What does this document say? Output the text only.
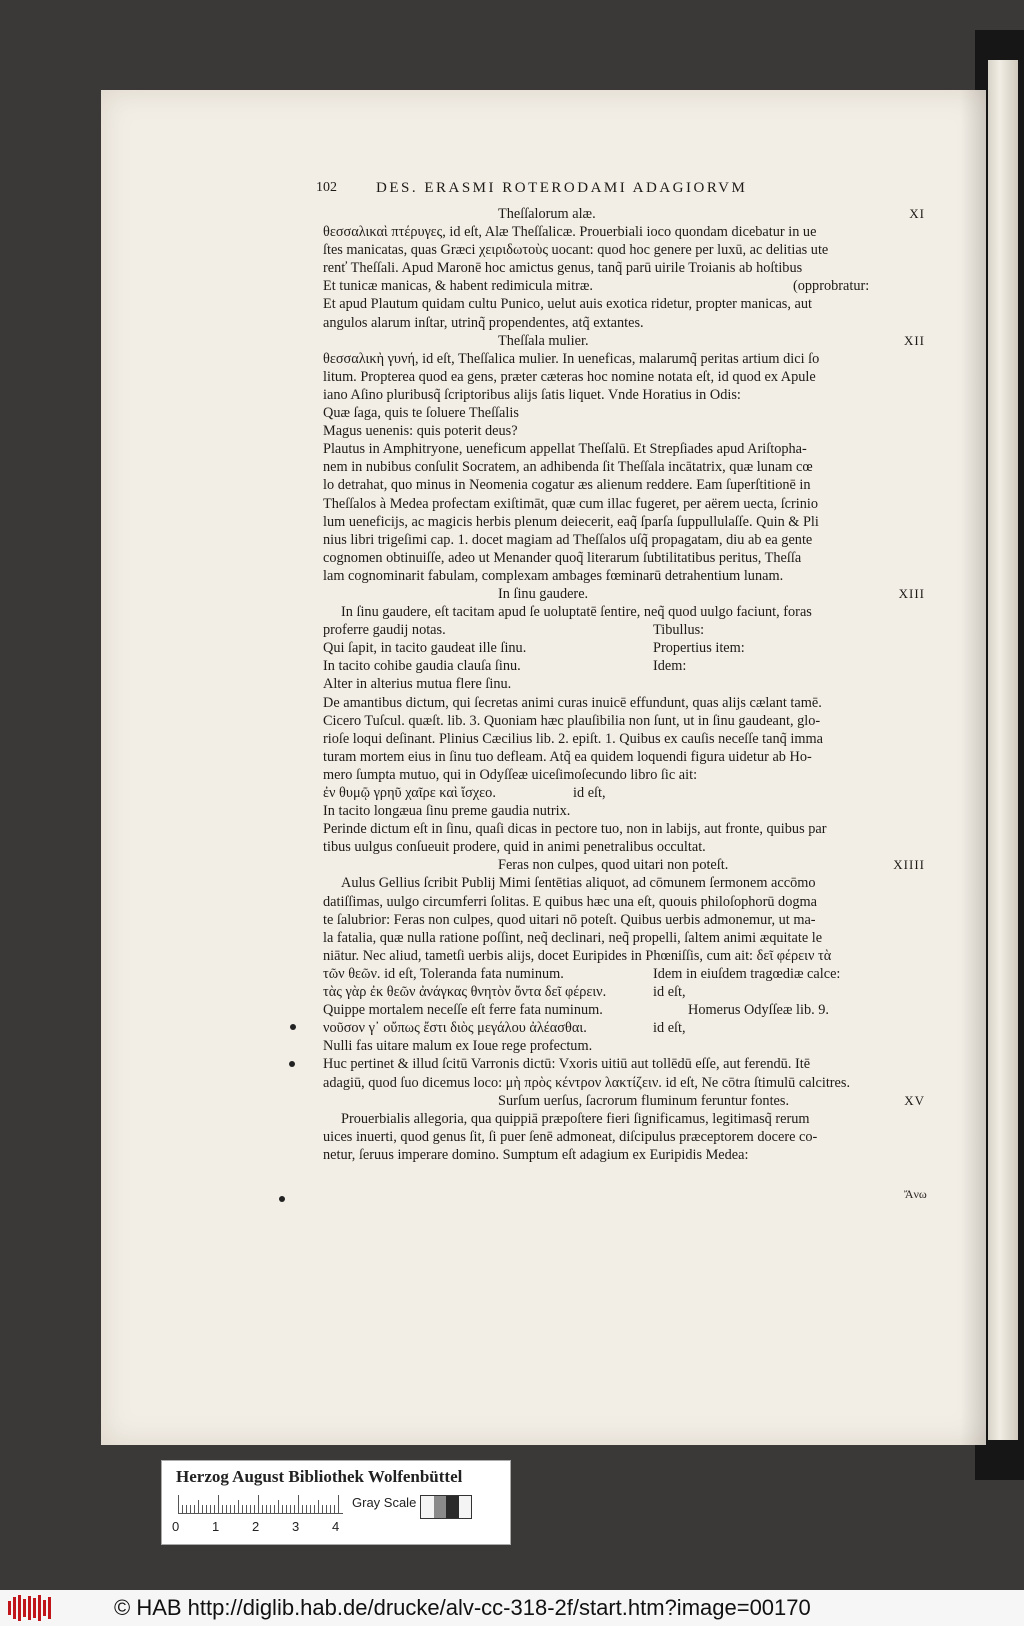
102	DES. ERASMI ROTERODAMI ADAGIORVM
Theſſalorum alæ.	XI
θεσσαλικαὶ πτέρυγες, id eſt, Alæ Theſſalicæ. Prouerbiali ioco quondam dicebatur in ue
ſtes manicatas, quas Græci χειριδωτοὺς uocant: quod hoc genere per luxū, ac delitias ute
renť Theſſali. Apud Maronē hoc amictus genus, tanq̃ parū uirile Troianis ab hoſtibus
Et tunicæ manicas, & habent redimicula mitræ.	(opprobratur:
Et apud Plautum quidam cultu Punico, uelut auis exotica ridetur, propter manicas, aut
angulos alarum inſtar, utrinq̃ propendentes, atq̃ extantes.
Theſſala mulier.	XII
θεσσαλικὴ γυνή, id eſt, Theſſalica mulier. In ueneficas, malarumq̃ peritas artium dici ſo
litum. Propterea quod ea gens, præter cæteras hoc nomine notata eſt, id quod ex Apule
iano Aſino pluribusq̃ ſcriptoribus alijs ſatis liquet. Vnde Horatius in Odis:
Quæ ſaga, quis te ſoluere Theſſalis
Magus uenenis: quis poterit deus?
Plautus in Amphitryone, ueneficum appellat Theſſalū. Et Strepſiades apud Ariſtopha-
nem in nubibus conſulit Socratem, an adhibenda ſit Theſſala incātatrix, quæ lunam cœ
lo detrahat, quo minus in Neomenia cogatur æs alienum reddere. Eam ſuperſtitionē in
Theſſalos à Medea profectam exiſtimāt, quæ cum illac fugeret, per aërem uecta, ſcrinio
lum ueneficijs, ac magicis herbis plenum deiecerit, eaq̃ ſparſa ſuppullulaſſe. Quin & Pli
nius libri trigeſimi cap. 1. docet magiam ad Theſſalos uſq̃ propagatam, diu ab ea gente
cognomen obtinuiſſe, adeo ut Menander quoq̃ literarum ſubtilitatibus peritus, Theſſa
lam cognominarit fabulam, complexam ambages fœminarū detrahentium lunam.
In ſinu gaudere.	XIII
In ſinu gaudere, eſt tacitam apud ſe uoluptatē ſentire, neq̃ quod uulgo faciunt, foras
proferre gaudij notas.	Tibullus:
Qui ſapit, in tacito gaudeat ille ſinu.	Propertius item:
In tacito cohibe gaudia clauſa ſinu.	Idem:
Alter in alterius mutua flere ſinu.
De amantibus dictum, qui ſecretas animi curas inuicē effundunt, quas alijs cælant tamē.
Cicero Tuſcul. quæſt. lib. 3. Quoniam hæc plauſibilia non ſunt, ut in ſinu gaudeant, glo-
rioſe loqui deſinant. Plinius Cæcilius lib. 2. epiſt. 1. Quibus ex cauſis neceſſe tanq̃ imma
turam mortem eius in ſinu tuo defleam. Atq̃ ea quidem loquendi figura uidetur ab Ho-
mero ſumpta mutuo, qui in Odyſſeæ uiceſimoſecundo libro ſic ait:
ἐν θυμῷ γρηῦ χαῖρε καὶ ἴσχεο.	id eſt,
In tacito longæua ſinu preme gaudia nutrix.
Perinde dictum eſt in ſinu, quaſi dicas in pectore tuo, non in labijs, aut fronte, quibus par
tibus uulgus conſueuit prodere, quid in animi penetralibus occultat.
Feras non culpes, quod uitari non poteſt.	XIIII
Aulus Gellius ſcribit Publij Mimi ſentētias aliquot, ad cōmunem ſermonem accōmo
datiſſimas, uulgo circumferri ſolitas. E quibus hæc una eſt, quouis philoſophorū dogma
te ſalubrior: Feras non culpes, quod uitari nō poteſt. Quibus uerbis admonemur, ut ma-
la fatalia, quæ nulla ratione poſſint, neq̃ declinari, neq̃ propelli, ſaltem animi æquitate le
niātur. Nec aliud, tametſi uerbis alijs, docet Euripides in Phœniſſis, cum ait: δεῖ φέρειν τὰ
τῶν θεῶν. id eſt, Toleranda fata numinum.	Idem in eiuſdem tragœdiæ calce:
τὰς γὰρ ἐκ θεῶν ἀνάγκας θνητὸν ὄντα δεῖ φέρειν.	id eſt,
Quippe mortalem neceſſe eſt ferre fata numinum.	Homerus Odyſſeæ lib. 9.
νοῦσον γ᾽ οὔπως ἔστι διὸς μεγάλου ἀλέασθαι.	id eſt,
Nulli fas uitare malum ex Ioue rege profectum.
Huc pertinet & illud ſcitū Varronis dictū: Vxoris uitiū aut tollēdū eſſe, aut ferendū. Itē
adagiū, quod ſuo dicemus loco: μὴ πρὸς κέντρον λακτίζειν. id eſt, Ne cōtra ſtimulū calcitres.
Surſum uerſus, ſacrorum fluminum feruntur fontes.	XV
Prouerbialis allegoria, qua quippiā præpoſtere fieri ſignificamus, legitimasq̃ rerum
uices inuerti, quod genus ſit, ſi puer ſenē admoneat, diſcipulus præceptorem docere co-
netur, ſeruus imperare domino. Sumptum eſt adagium ex Euripidis Medea:
Ἄνω
Herzog August Bibliothek Wolfenbüttel
0	1	2	3	4
Gray Scale
© HAB http://diglib.hab.de/drucke/alv-cc-318-2f/start.htm?image=00170
